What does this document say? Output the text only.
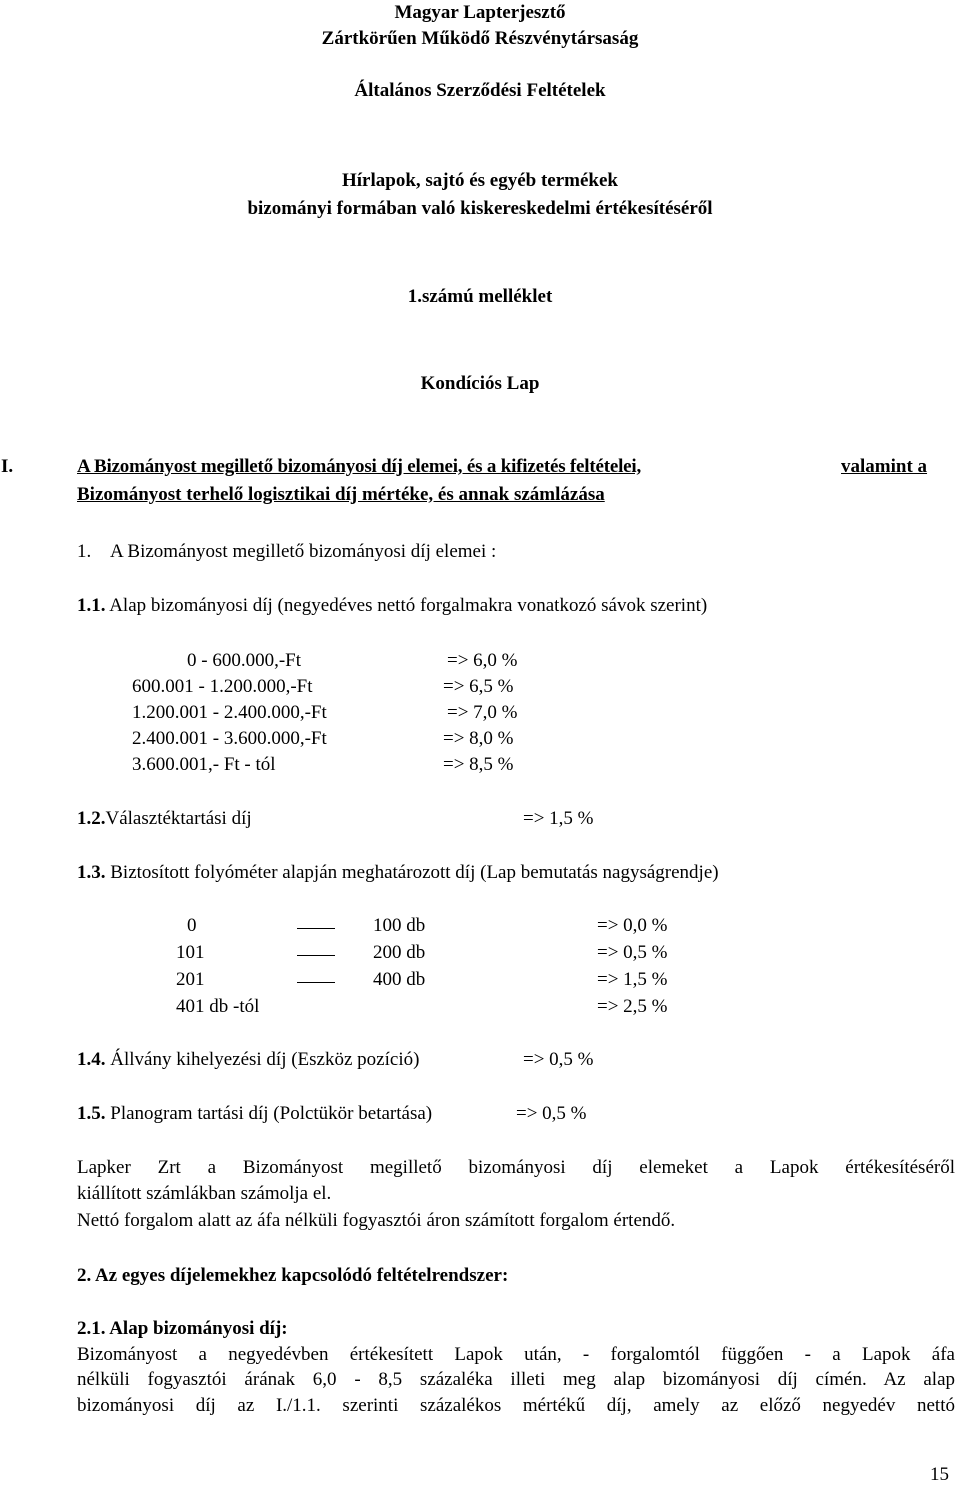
Magyar Lapterjesztő
Zártkörűen Működő Részvénytársaság
Általános Szerződési Feltételek
Hírlapok, sajtó és egyéb termékek
bizományi formában való kiskereskedelmi értékesítéséről
1.számú melléklet
Kondíciós Lap
I.	A Bizományost megillető bizományosi díj elemei, és a kifizetés feltételei,	valamint a
Bizományost terhelő logisztikai díj mértéke, és annak számlázása
1. A Bizományost megillető bizományosi díj elemei :
1.1. Alap bizományosi díj (negyedéves nettó forgalmakra vonatkozó sávok szerint)
0 - 600.000,-Ft	=> 6,0 %
600.001 - 1.200.000,-Ft	=> 6,5 %
1.200.001 - 2.400.000,-Ft	=> 7,0 %
2.400.001 - 3.600.000,-Ft	=> 8,0 %
3.600.001,- Ft - tól	=> 8,5 %
1.2.Választéktartási díj	=> 1,5 %
1.3. Biztosított folyóméter alapján meghatározott díj (Lap bemutatás nagyságrendje)
0	100 db	=> 0,0 %
101	200 db	=> 0,5 %
201	400 db	=> 1,5 %
401 db -tól	=> 2,5 %
1.4. Állvány kihelyezési díj (Eszköz pozíció)	=> 0,5 %
1.5. Planogram tartási díj (Polctükör betartása)	=> 0,5 %
Lapker Zrt a Bizományost megillető bizományosi díj elemeket a Lapok értékesítéséről
kiállított számlákban számolja el.
Nettó forgalom alatt az áfa nélküli fogyasztói áron számított forgalom értendő.
2. Az egyes díjelemekhez kapcsolódó feltételrendszer:
2.1. Alap bizományosi díj:
Bizományost a negyedévben értékesített Lapok után, - forgalomtól függően - a Lapok áfa
nélküli fogyasztói árának 6,0 - 8,5 százaléka illeti meg alap bizományosi díj címén. Az alap
bizományosi díj az I./1.1. szerinti százalékos mértékű díj, amely az előző negyedév nettó
15
